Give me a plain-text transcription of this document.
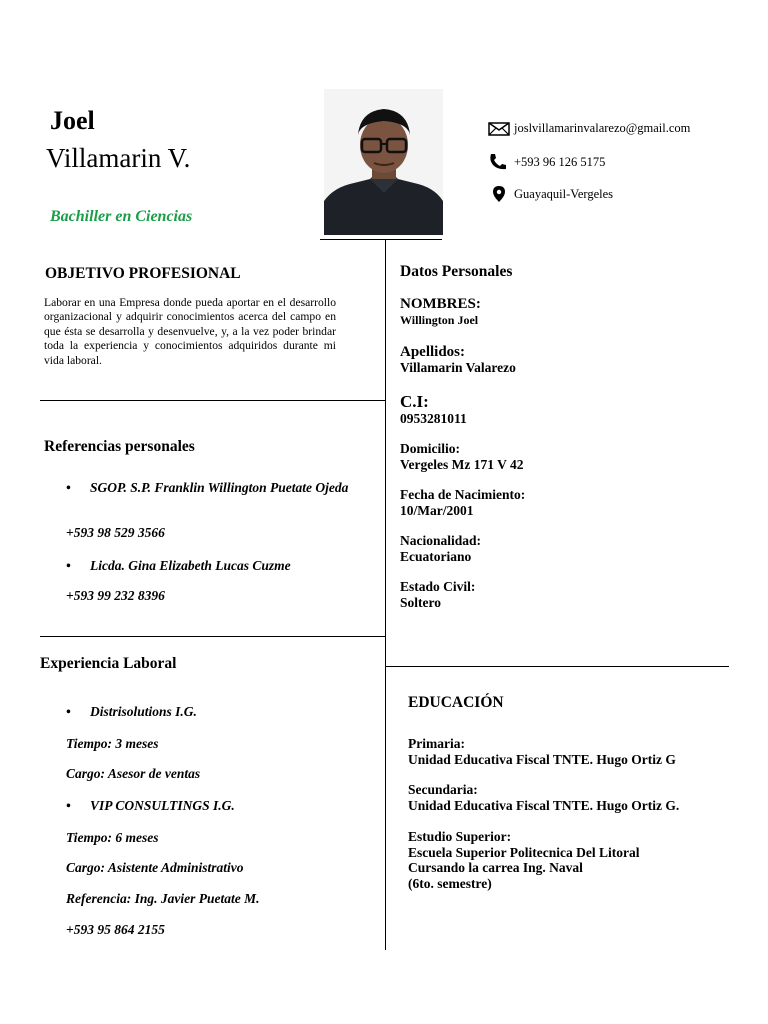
Joel
Villamarin V.
Bachiller en Ciencias
joslvillamarinvalarezo@gmail.com
+593 96 126 5175
Guayaquil-Vergeles
OBJETIVO PROFESIONAL
Laborar en una Empresa donde pueda aportar en el desarrollo organizacional y adquirir conocimientos acerca del campo en que ésta se desarrolla y desenvuelve, y, a la vez poder brindar toda la experiencia y conocimientos adquiridos durante mi vida laboral.
Referencias personales
•	SGOP. S.P. Franklin Willington Puetate Ojeda
+593 98 529 3566
•	Licda. Gina Elizabeth Lucas Cuzme
+593 99 232 8396
Experiencia Laboral
•	Distrisolutions I.G.
Tiempo: 3 meses
Cargo: Asesor de ventas
•	VIP CONSULTINGS I.G.
Tiempo: 6 meses
Cargo: Asistente Administrativo
Referencia: Ing. Javier Puetate M.
+593 95 864 2155
Datos Personales
NOMBRES:
Willington Joel
Apellidos:
Villamarin Valarezo
C.I:
0953281011
Domicilio:
Vergeles Mz 171 V 42
Fecha de Nacimiento:
10/Mar/2001
Nacionalidad:
Ecuatoriano
Estado Civil:
Soltero
EDUCACIÓN
Primaria:
Unidad Educativa Fiscal TNTE. Hugo Ortiz G
Secundaria:
Unidad Educativa Fiscal TNTE. Hugo Ortiz G.
Estudio Superior:
Escuela Superior Politecnica Del Litoral
Cursando la carrea Ing. Naval
(6to. semestre)
